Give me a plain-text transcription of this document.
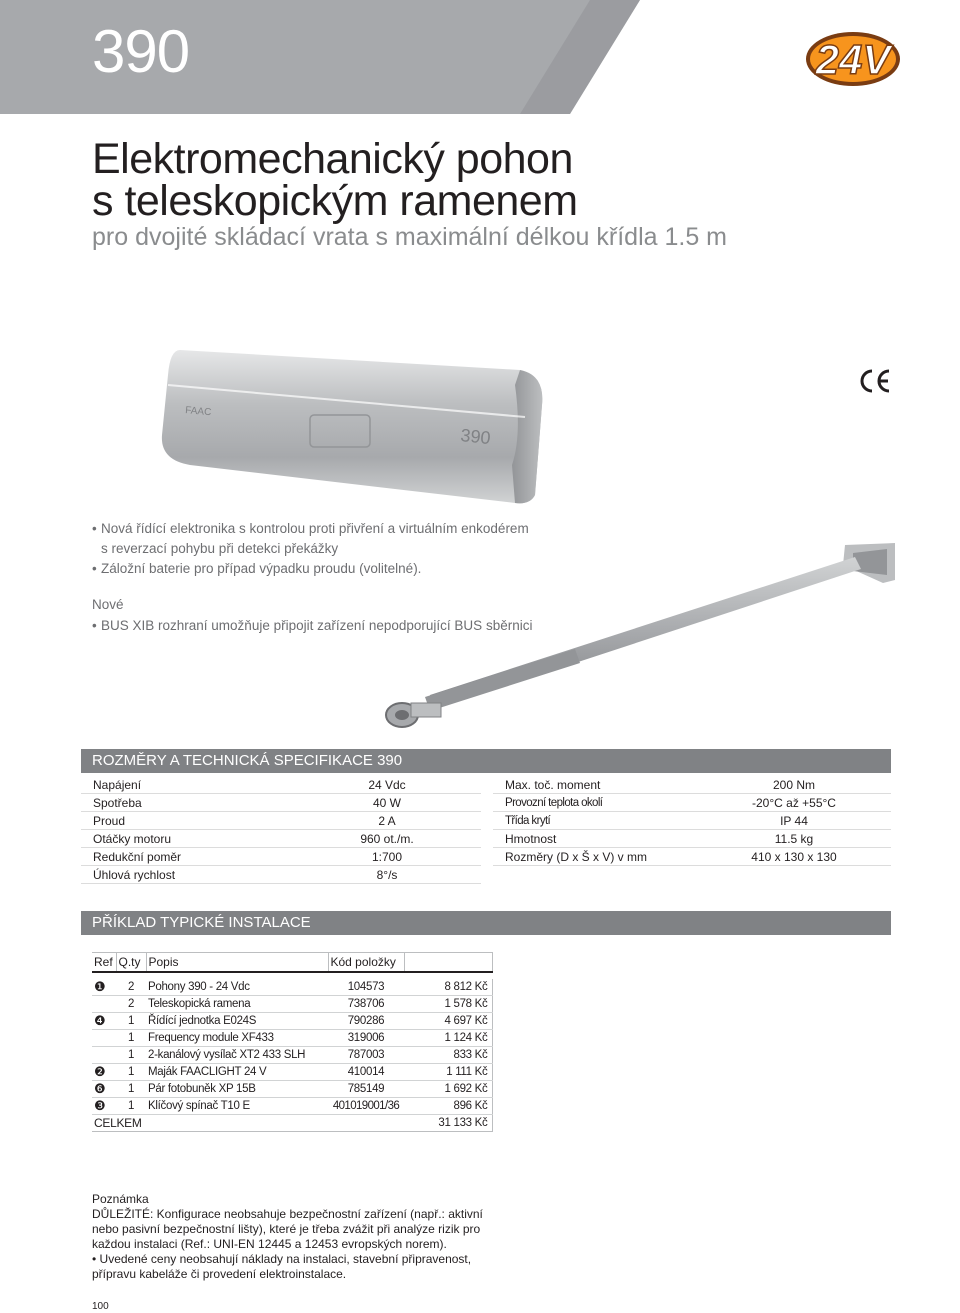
390	24V
Elektromechanický pohon
s teleskopickým ramenem
pro dvojité skládací vrata s maximální délkou křídla 1.5 m
390
FAAC
• Nová řídící elektronika s kontrolou proti přivření a virtuálním enkodérem
s reverzací pohybu při detekci překážky
• Záložní baterie pro případ výpadku proudu (volitelné).
Nové
• BUS XIB rozhraní umožňuje připojit zařízení nepodporující BUS sběrnici
ROZMĚRY A TECHNICKÁ SPECIFIKACE 390
Napájení	24 Vdc
Spotřeba	40 W
Proud	2 A
Otáčky motoru	960 ot./m.
Redukční poměr	1:700
Úhlová rychlost	8°/s
Max. toč. moment	200 Nm
Provozní teplota okolí	-20°C až +55°C
Třída krytí	IP 44
Hmotnost	11.5 kg
Rozměry (D x Š x V) v mm	410 x 130 x 130
PŘÍKLAD TYPICKÉ INSTALACE
Ref	Q.ty	Popis	Kód položky	

❶	2	Pohony 390 - 24 Vdc	104573	8 812 Kč
	2	Teleskopická ramena	738706	1 578 Kč
❹	1	Řídící jednotka E024S	790286	4 697 Kč
	1	Frequency module XF433	319006	1 124 Kč
	1	2-kanálový vysílač XT2 433 SLH	787003	833 Kč
❷	1	Maják FAACLIGHT 24 V	410014	1 111 Kč
❻	1	Pár fotobuněk XP 15B	785149	1 692 Kč
❸	1	Klíčový spínač T10 E	401019001/36	896 Kč
CELKEM				31 133 Kč
Poznámka
DŮLEŽITÉ: Konfigurace neobsahuje bezpečnostní zařízení (např.: aktivní
nebo pasivní bezpečnostní lišty), které je třeba zvážit při analýze rizik pro
každou instalaci (Ref.: UNI-EN 12445 a 12453 evropských norem).
• Uvedené ceny neobsahují náklady na instalaci, stavební připravenost,
přípravu kabeláže či provedení elektroinstalace.
100
